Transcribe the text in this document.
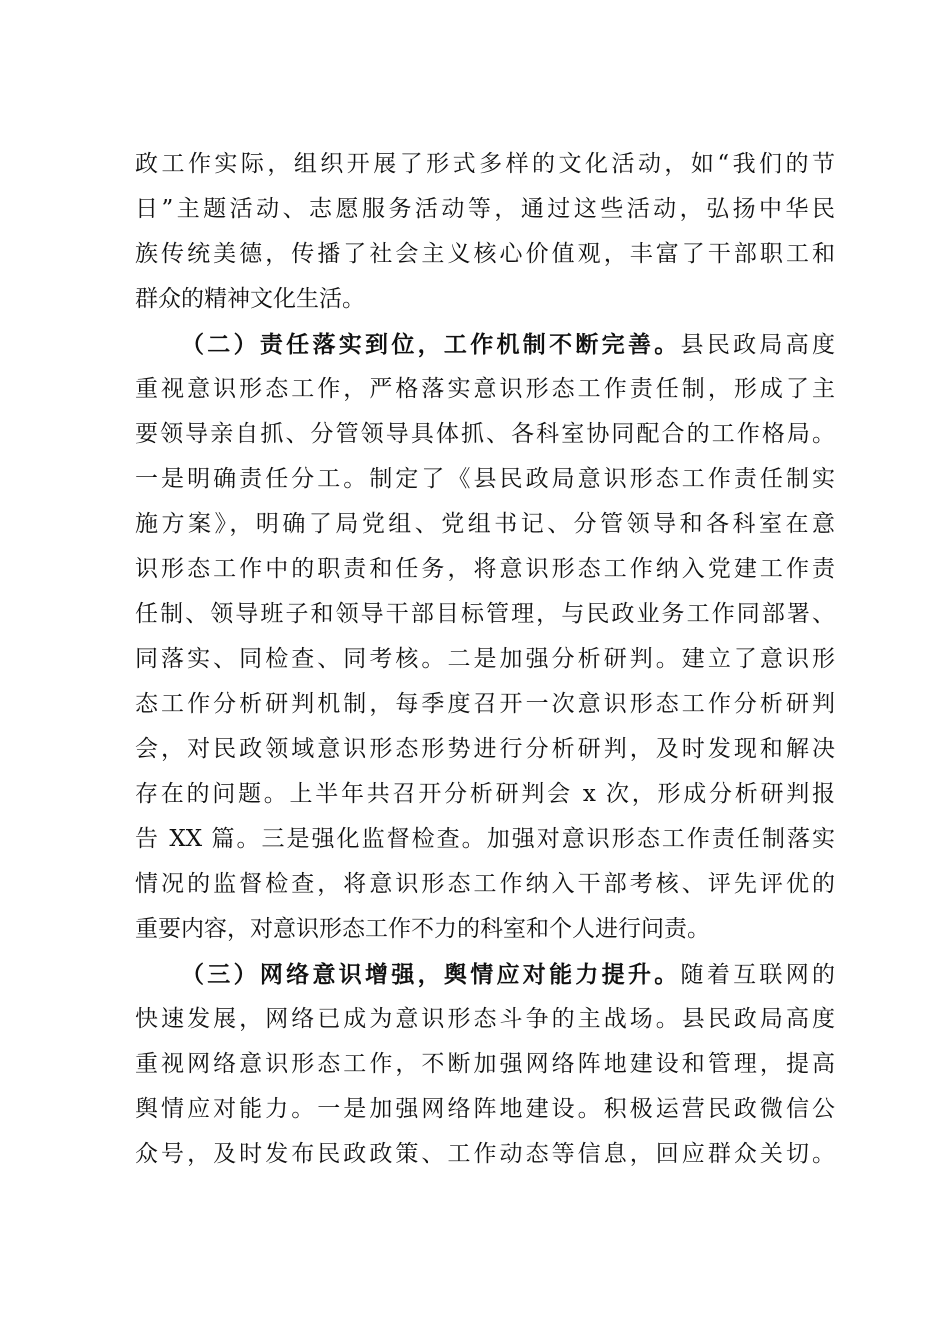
政工作实际，组织开展了形式多样的文化活动，如“我们的节
日”主题活动、志愿服务活动等，通过这些活动，弘扬中华民
族传统美德，传播了社会主义核心价值观，丰富了干部职工和
群众的精神文化生活。
（二）责任落实到位，工作机制不断完善。县民政局高度
重视意识形态工作，严格落实意识形态工作责任制，形成了主
要领导亲自抓、分管领导具体抓、各科室协同配合的工作格局。
一是明确责任分工。制定了《县民政局意识形态工作责任制实
施方案》，明确了局党组、党组书记、分管领导和各科室在意
识形态工作中的职责和任务，将意识形态工作纳入党建工作责
任制、领导班子和领导干部目标管理，与民政业务工作同部署、
同落实、同检查、同考核。二是加强分析研判。建立了意识形
态工作分析研判机制，每季度召开一次意识形态工作分析研判
会，对民政领域意识形态形势进行分析研判，及时发现和解决
存在的问题。上半年共召开分析研判会 x 次，形成分析研判报
告 XX 篇。三是强化监督检查。加强对意识形态工作责任制落实
情况的监督检查，将意识形态工作纳入干部考核、评先评优的
重要内容，对意识形态工作不力的科室和个人进行问责。
（三）网络意识增强，舆情应对能力提升。随着互联网的
快速发展，网络已成为意识形态斗争的主战场。县民政局高度
重视网络意识形态工作，不断加强网络阵地建设和管理，提高
舆情应对能力。一是加强网络阵地建设。积极运营民政微信公
众号，及时发布民政政策、工作动态等信息，回应群众关切。
